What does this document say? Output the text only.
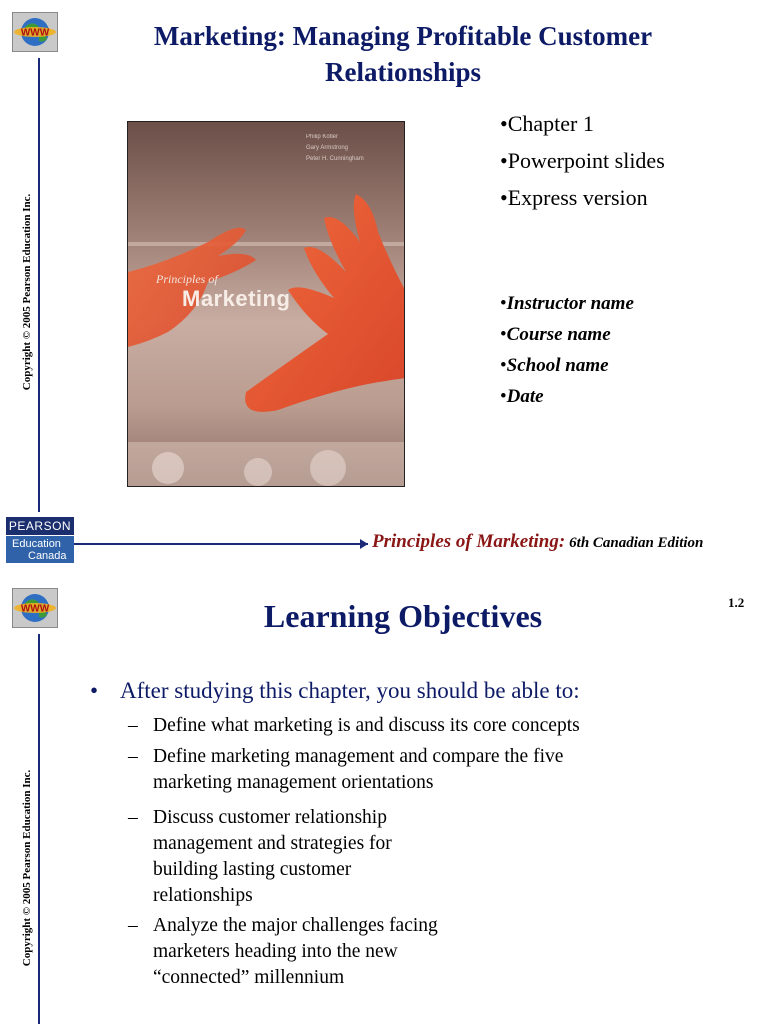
WWW
Copyright © 2005 Pearson Education Inc.
Marketing: Managing Profitable Customer Relationships
Philip Kotler
Gary Armstrong
Peter H. Cunningham
Principles of
Marketing
•Chapter 1
•Powerpoint slides
•Express version
•Instructor name
•Course name
•School name
•Date
PEARSON
Education
Canada
Principles of Marketing: 6th Canadian Edition
WWW
Copyright © 2005 Pearson Education Inc.
1.2
Learning Objectives
• After studying this chapter, you should be able to:
– Define what marketing is and discuss its core concepts
– Define marketing management and compare the five
marketing management orientations
– Discuss customer relationship
management and strategies for
building lasting customer
relationships
– Analyze the major challenges facing
marketers heading into the new
“connected” millennium
